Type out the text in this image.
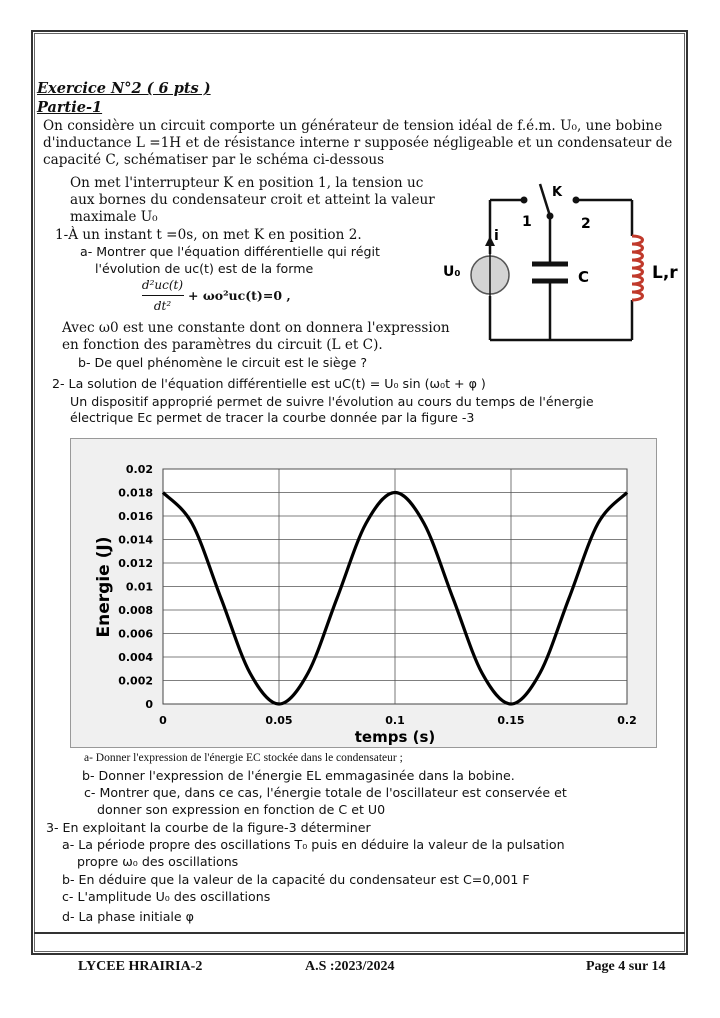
Exercice N°2 ( 6 pts )
Partie-1
On considère un circuit comporte un générateur de tension idéal de f.é.m. U₀, une bobine
d'inductance L =1H et de résistance interne r supposée négligeable et un condensateur de
capacité C, schématiser par le schéma ci-dessous
On met l'interrupteur K en position 1, la tension uc
aux bornes du condensateur croit et atteint la valeur
maximale U₀
1-À un instant t =0s, on met K en position 2.
a- Montrer que l'équation différentielle qui régit
l'évolution de uc(t) est de la forme
d²uc(t)
dt²
+ ωo²uc(t)=0 ,
Avec ω0 est une constante dont on donnera l'expression
en fonction des paramètres du circuit (L et C).
b- De quel phénomène le circuit est le siège ?
2- La solution de l'équation différentielle est uC(t) = U₀ sin (ω₀t + φ )
Un dispositif approprié permet de suivre l'évolution au cours du temps de l'énergie
électrique Ec permet de tracer la courbe donnée par la figure -3
K
1	2
i
U₀	C	L,r
0
0.002
0.004
0.006
0.008
0.01
0.012
0.014
0.016
0.018
0.02
0	0.05	0.1	0.15	0.2
temps (s)
Energie (J)
a- Donner l'expression de l'énergie EC stockée dans le condensateur ;
b- Donner l'expression de l'énergie EL emmagasinée dans la bobine.
c- Montrer que, dans ce cas, l'énergie totale de l'oscillateur est conservée et
donner son expression en fonction de C et U0
3- En exploitant la courbe de la figure-3 déterminer
a- La période propre des oscillations T₀ puis en déduire la valeur de la pulsation
propre ω₀ des oscillations
b- En déduire que la valeur de la capacité du condensateur est C=0,001 F
c- L'amplitude U₀ des oscillations
d- La phase initiale φ
LYCEE HRAIRIA-2	A.S :2023/2024	Page 4 sur 14
